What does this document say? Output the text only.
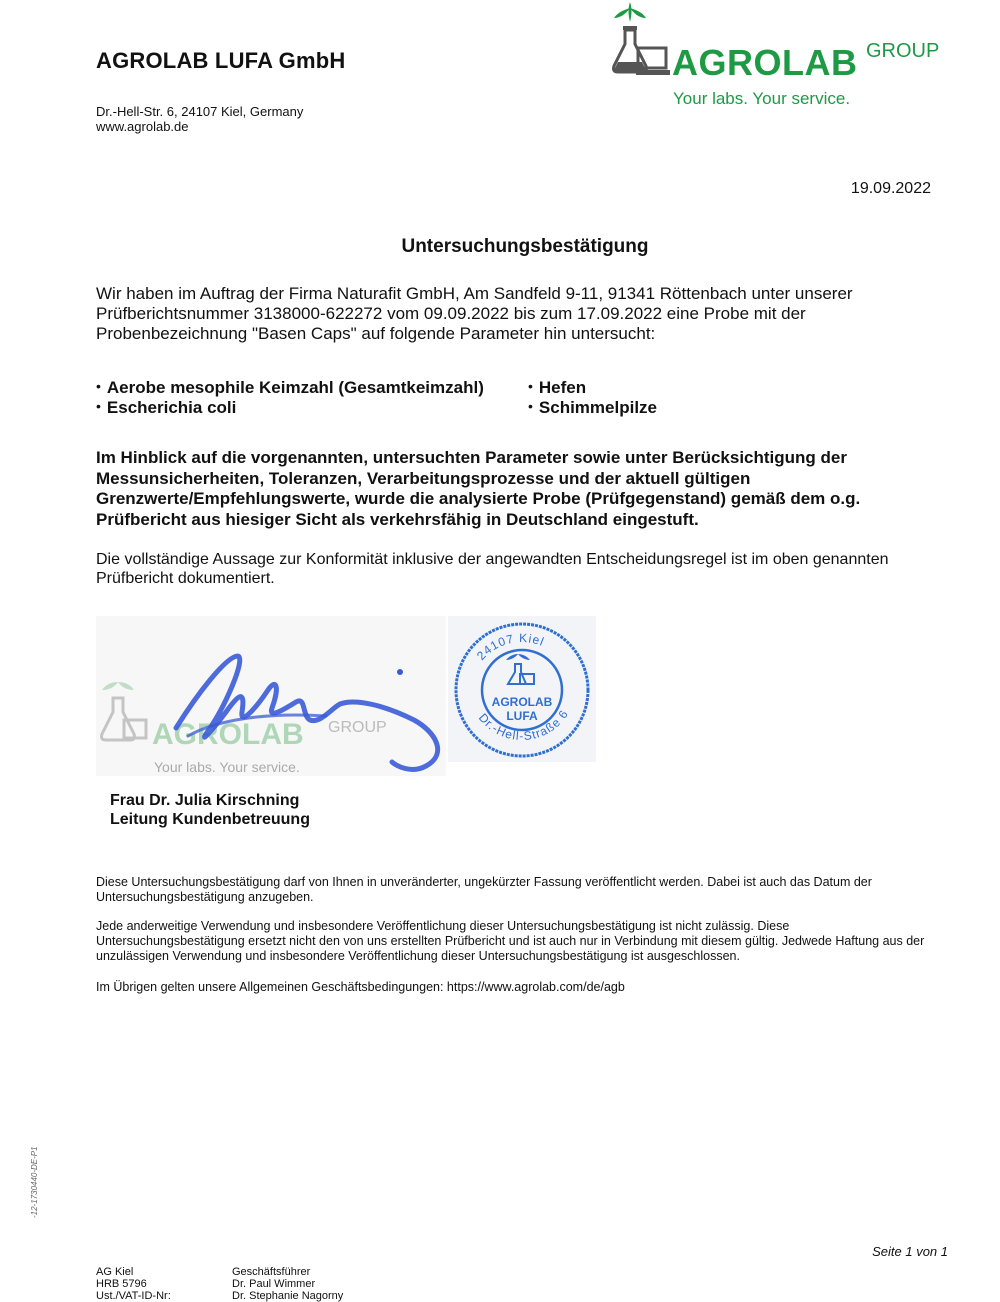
AGROLAB LUFA GmbH
Dr.-Hell-Str. 6, 24107 Kiel, Germany
www.agrolab.de
AGROLAB GROUP
Your labs. Your service.
19.09.2022
Untersuchungsbestätigung
Wir haben im Auftrag der Firma Naturafit GmbH, Am Sandfeld 9-11, 91341 Röttenbach unter unserer Prüfberichtsnummer 3138000-622272 vom 09.09.2022 bis zum 17.09.2022 eine Probe mit der Probenbezeichnung "Basen Caps" auf folgende Parameter hin untersucht:
• Aerobe mesophile Keimzahl (Gesamtkeimzahl)
• Escherichia coli
• Hefen
• Schimmelpilze
Im Hinblick auf die vorgenannten, untersuchten Parameter sowie unter Berücksichtigung der Messunsicherheiten, Toleranzen, Verarbeitungsprozesse und der aktuell gültigen Grenzwerte/Empfehlungswerte, wurde die analysierte Probe (Prüfgegenstand) gemäß dem o.g. Prüfbericht aus hiesiger Sicht als verkehrsfähig in Deutschland eingestuft.
Die vollständige Aussage zur Konformität inklusive der angewandten Entscheidungsregel ist im oben genannten Prüfbericht dokumentiert.
AGROLAB GROUP
Your labs. Your service.
24107 Kiel
Dr.-Hell-Straße 6
AGROLAB
LUFA
Frau Dr. Julia Kirschning
Leitung Kundenbetreuung
Diese Untersuchungsbestätigung darf von Ihnen in unveränderter, ungekürzter Fassung veröffentlicht werden. Dabei ist auch das Datum der Untersuchungsbestätigung anzugeben.
Jede anderweitige Verwendung und insbesondere Veröffentlichung dieser Untersuchungsbestätigung ist nicht zulässig. Diese Untersuchungsbestätigung ersetzt nicht den von uns erstellten Prüfbericht und ist auch nur in Verbindung mit diesem gültig. Jedwede Haftung aus der unzulässigen Verwendung und insbesondere Veröffentlichung dieser Untersuchungsbestätigung ist ausgeschlossen.
Im Übrigen gelten unsere Allgemeinen Geschäftsbedingungen: https://www.agrolab.com/de/agb
-12-1730440-DE-P1
Seite 1 von 1
AG Kiel
HRB 5796
Ust./VAT-ID-Nr:
Geschäftsführer
Dr. Paul Wimmer
Dr. Stephanie Nagorny
